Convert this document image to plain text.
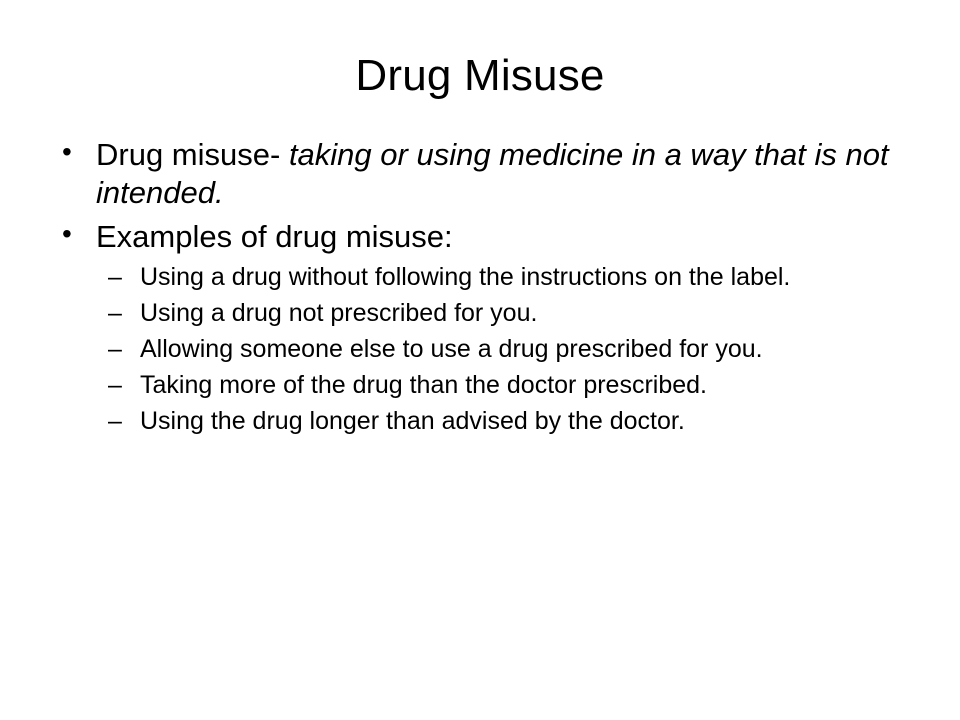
Drug Misuse
• Drug misuse- taking or using medicine in a way that is not intended.
• Examples of drug misuse:
– Using a drug without following the instructions on the label.
– Using a drug not prescribed for you.
– Allowing someone else to use a drug prescribed for you.
– Taking more of the drug than the doctor prescribed.
– Using the drug longer than advised by the doctor.
